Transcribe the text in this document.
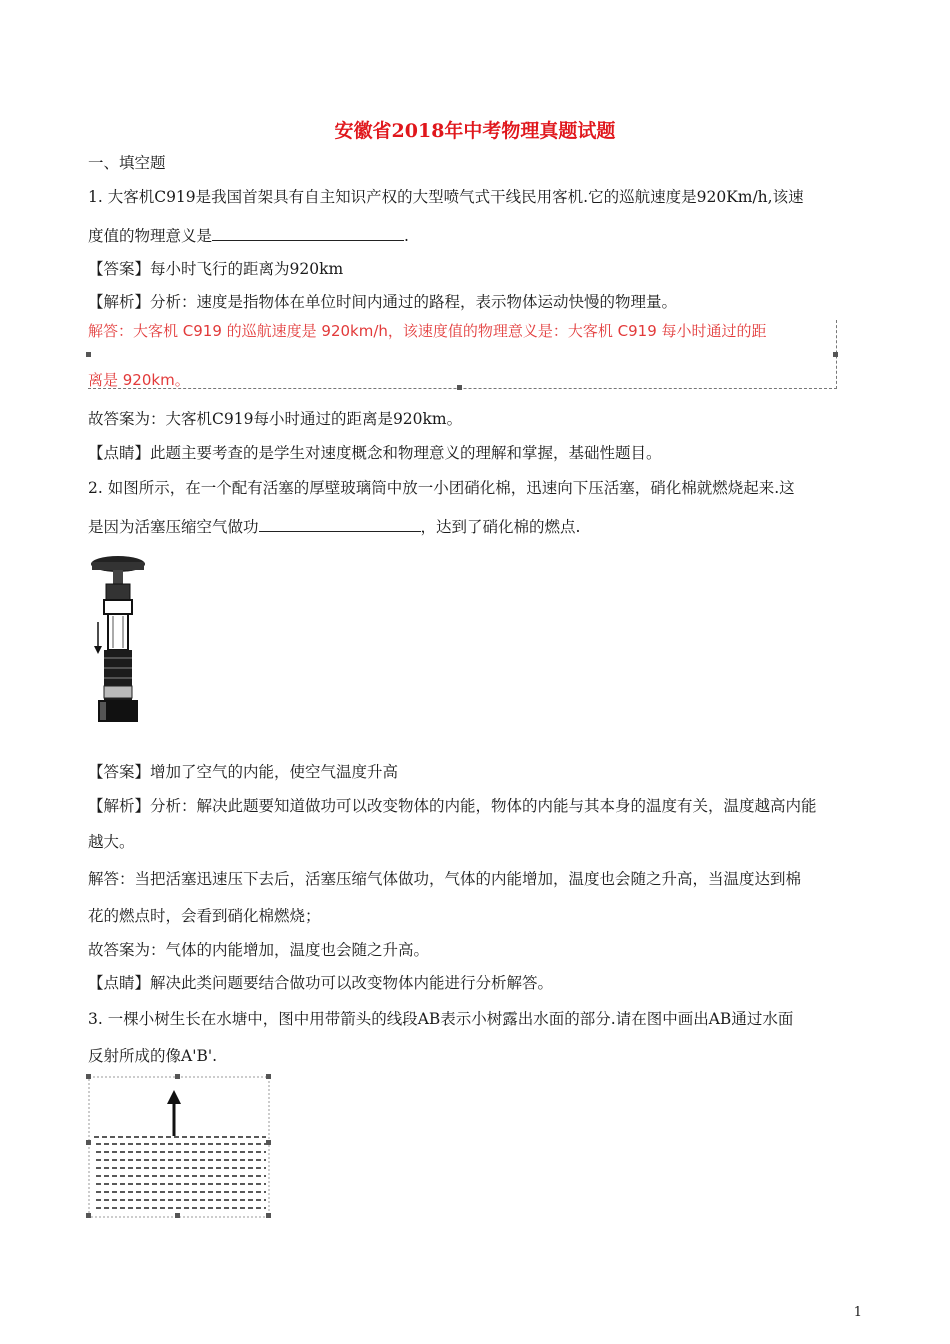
安徽省2018年中考物理真题试题
一、填空题
1. 大客机C919是我国首架具有自主知识产权的大型喷气式干线民用客机.它的巡航速度是920Km/h,该速
度值的物理意义是	.
【答案】每小时飞行的距离为920km
【解析】分析：速度是指物体在单位时间内通过的路程，表示物体运动快慢的物理量。
解答：大客机 C919 的巡航速度是 920km/h，该速度值的物理意义是：大客机 C919 每小时通过的距
离是 920km。
故答案为：大客机C919每小时通过的距离是920km。
【点睛】此题主要考查的是学生对速度概念和物理意义的理解和掌握，基础性题目。
2. 如图所示，在一个配有活塞的厚壁玻璃筒中放一小团硝化棉，迅速向下压活塞，硝化棉就燃烧起来.这
是因为活塞压缩空气做功	，达到了硝化棉的燃点.
【答案】增加了空气的内能，使空气温度升高
【解析】分析：解决此题要知道做功可以改变物体的内能，物体的内能与其本身的温度有关，温度越高内能
越大。
解答：当把活塞迅速压下去后，活塞压缩气体做功，气体的内能增加，温度也会随之升高，当温度达到棉
花的燃点时，会看到硝化棉燃烧；
故答案为：气体的内能增加，温度也会随之升高。
【点睛】解决此类问题要结合做功可以改变物体内能进行分析解答。
3. 一棵小树生长在水塘中，图中用带箭头的线段AB表示小树露出水面的部分.请在图中画出AB通过水面
反射所成的像A'B'.
1
